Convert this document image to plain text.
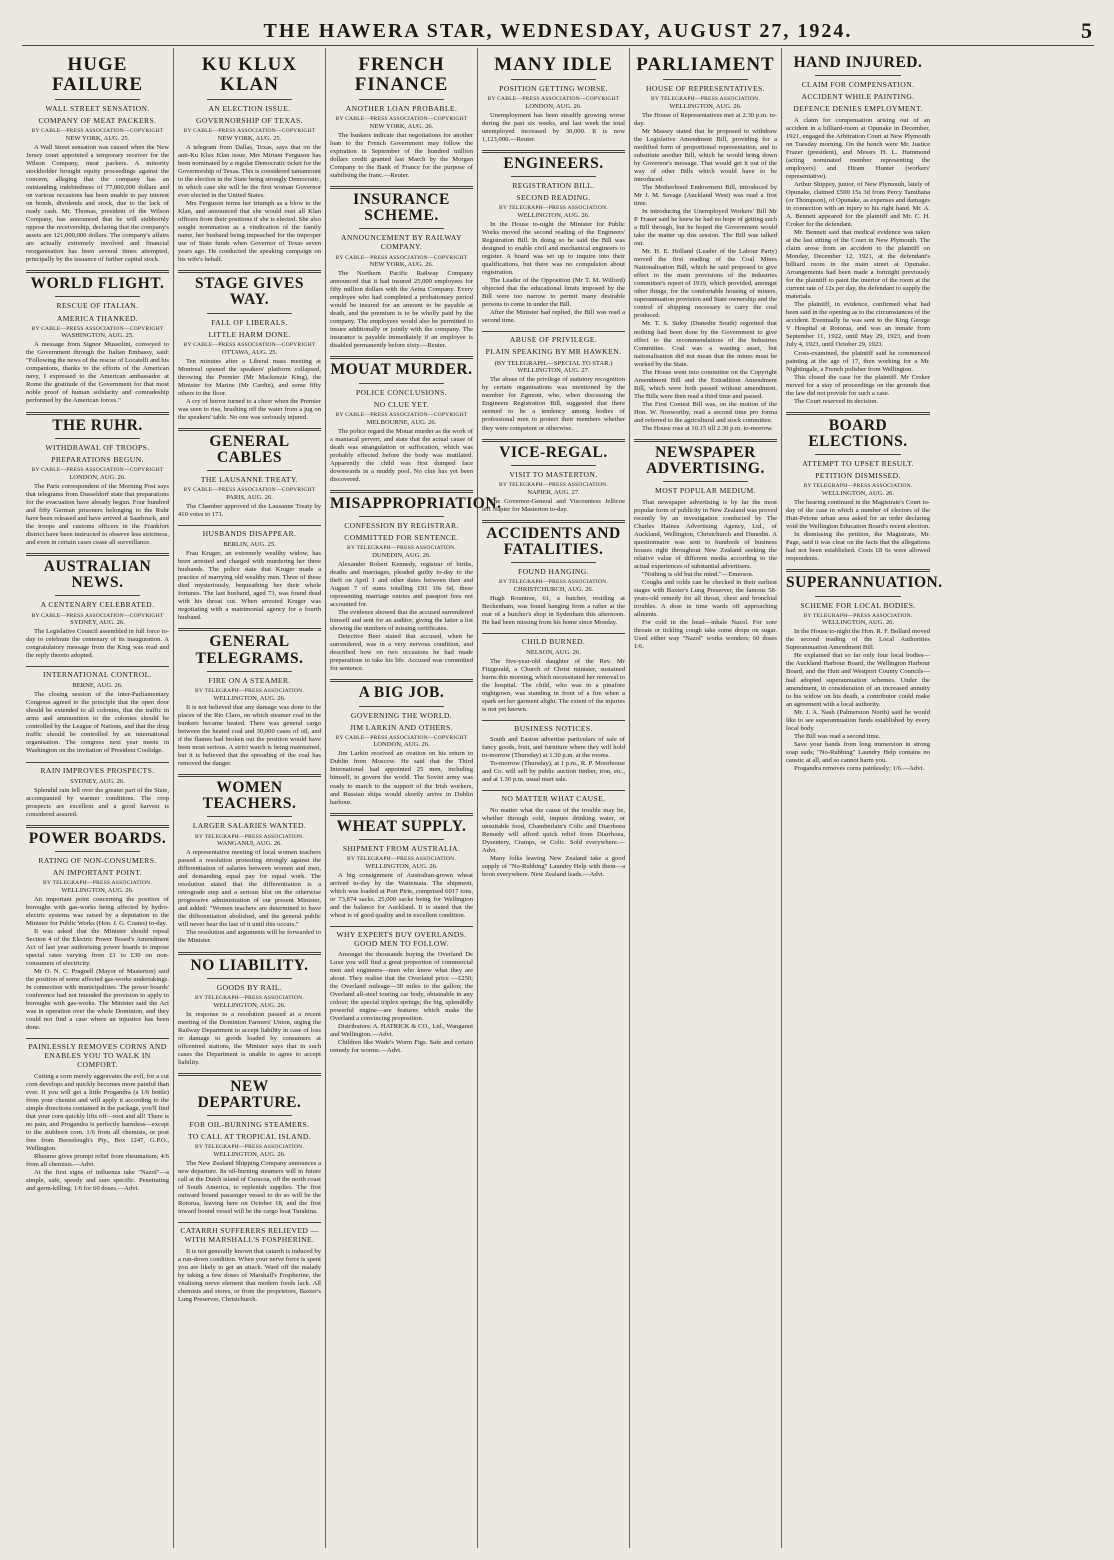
THE HAWERA STAR, WEDNESDAY, AUGUST 27, 1924.	5
HUGE FAILURE
WALL STREET SENSATION.
COMPANY OF MEAT PACKERS.
BY CABLE—PRESS ASSOCIATION—COPYRIGHT
NEW YORK, AUG. 25.

A Wall Street sensation was caused when the New Jersey court appointed a temporary receiver for the Wilson Company, meat packers. A minority stockholder brought equity proceedings against the concern, alleging that the company has an outstanding indebtedness of 77,000,000 dollars and on various occasions has been unable to pay interest on bonds, dividends and stock, due to the lack of ready cash. Mr. Thomas, president of the Wilson Company, has announced that he will stubbornly oppose the receivership, declaring that the company's assets are 121,000,000 dollars. The company's affairs are actually extremely involved and financial reorganisation has been several times attempted, principally by the issuance of further capital stock.

WORLD FLIGHT.
RESCUE OF ITALIAN.
AMERICA THANKED.
BY CABLE—PRESS ASSOCIATION—COPYRIGHT
WASHINGTON, AUG. 25.

A message from Signor Mussolini, conveyed to the Government through the Italian Embassy, said: "Following the news of the rescue of Locatelli and his companions, thanks to the efforts of the American navy, I expressed to the American ambassador at Rome the gratitude of the Government for that most noble proof of human solidarity and comradeship performed by the American forces."

THE RUHR.
WITHDRAWAL OF TROOPS.
PREPARATIONS BEGUN.
BY CABLE—PRESS ASSOCIATION—COPYRIGHT
LONDON, AUG. 26.

The Paris correspondent of the Morning Post says that telegrams from Dusseldorf state that preparations for the evacuation have already begun. Four hundred and fifty German prisoners belonging to the Ruhr have been released and have arrived at Saarbruck, and the troops and customs officers in the Frankfort district have been instructed to observe less strictness, and even in certain cases cease all surveillance.

AUSTRALIAN NEWS.
A CENTENARY CELEBRATED.
BY CABLE—PRESS ASSOCIATION—COPYRIGHT
SYDNEY, AUG. 26.

The Legislative Council assembled in full force to-day to celebrate the centenary of its inauguration. A congratulatory message from the King was read and the reply thereto adopted.

INTERNATIONAL CONTROL.
BERNE, AUG. 26.

The closing session of the inter-Parliamentary Congress agreed to the principle that the open door should be extended to all colonies, that the traffic in arms and ammunition to the colonies should be controlled by the League of Nations, and that the drug traffic should be controlled by an international organisation. The congress next year meets in Washington on the invitation of President Coolidge.

RAIN IMPROVES PROSPECTS.
SYDNEY, AUG. 26.

Splendid rain fell over the greater part of the State, accompanied by warmer conditions. The crop prospects are excellent and a good harvest is considered assured.

POWER BOARDS.
RATING OF NON-CONSUMERS.
AN IMPORTANT POINT.
BY TELEGRAPH—PRESS ASSOCIATION.
WELLINGTON, AUG. 26.

An important point concerning the position of boroughs with gas-works being affected by hydro-electric systems was raised by a deputation to the Minister for Public Works (Hon. J. G. Coates) to-day.

It was asked that the Minister should repeal Section 4 of the Electric Power Board's Amendment Act of last year authorising power boards to impose special rates varying from £1 to £30 on non-consumers of electricity.

Mr O. N. C. Pragnell (Mayor of Masterton) said the position of some affected gas-works undertakings. In connection with municipalities. The power boards' conference had not intended the provision to apply to boroughs with gas-works. The Minister said the Act was in operation over the whole Dominion, and they could not find a case where an injustice has been done.

PAINLESSLY REMOVES CORNS AND ENABLES YOU TO WALK IN COMFORT.

Cutting a corn merely aggravates the evil, for a cut corn develops and quickly becomes more painful than ever. If you will get a little Progandra (a 1/6 bottle) from your chemist and will apply it according to the simple directions contained in the package, you'll find that your corn quickly lifts off—root and all! There is no pain, and Progandra is perfectly harmless—except to the stubborn corn. 1/6 from all chemists, or post free from Bereelough's Pty., Box 1247, G.P.O., Wellington.

Rheumo gives prompt relief from rheumatism; 4/6 from all chemists.—Advt.

At the first signs of influenza take "Nazol"—a simple, safe, speedy and sure specific. Penetrating and germ-killing; 1/6 for 60 doses.—Advt.

KU KLUX KLAN
AN ELECTION ISSUE.
GOVERNORSHIP OF TEXAS.
BY CABLE—PRESS ASSOCIATION—COPYRIGHT
NEW YORK, AUG. 25.

A telegram from Dallas, Texas, says that on the anti-Ku Klux Klan issue, Mrs Miriam Ferguson has been nominated by a regular Democratic ticket for the Governorship of Texas. This is considered tantamount to the election in the State being strongly Democratic, in which case she will be the first woman Governor ever elected in the United States.

Mrs Ferguson terms her triumph as a blow to the Klan, and announced that she would oust all Klan officers from their positions if she is elected. She also sought nomination as a vindication of the family name, her husband being impeached for the improper use of State funds when Governor of Texas seven years ago. He conducted the speaking campaign on his wife's behalf.

STAGE GIVES WAY.
FALL OF LIBERALS.
LITTLE HARM DONE.
BY CABLE—PRESS ASSOCIATION—COPYRIGHT
OTTAWA, AUG. 25.

Ten minutes after a Liberal mass meeting at Montreal opened the speakers' platform collapsed, throwing the Premier (Mr Mackenzie King), the Minister for Marine (Mr Cardin), and some fifty others to the floor.

A cry of horror turned to a cheer when the Premier was seen to rise, brushing off the water from a jug on the speakers' table. No one was seriously injured.

GENERAL CABLES
THE LAUSANNE TREATY.
BY CABLE—PRESS ASSOCIATION—COPYRIGHT
PARIS, AUG. 26.

The Chamber approved of the Lausanne Treaty by 410 votes to 171.

HUSBANDS DISAPPEAR.
BERLIN, AUG. 25.

Frau Kruger, an extremely wealthy widow, has been arrested and charged with murdering her three husbands. The police state that Kruger made a practice of marrying old wealthy men. Three of these died mysteriously, bequeathing her their whole fortunes. The last husband, aged 73, was found dead with his throat cut. When arrested Kruger was negotiating with a matrimonial agency for a fourth husband.

GENERAL TELEGRAMS.
FIRE ON A STEAMER.
BY TELEGRAPH—PRESS ASSOCIATION.
WELLINGTON, AUG. 26.

It is not believed that any damage was done to the places of the Rio Claro, on which steamer coal in the bunkers became heated. There was general cargo between the heated coal and 30,000 cases of oil, and if the flames had broken out the position would have been most serious. A strict watch is being maintained, but it is believed that the spreading of the coal has removed the danger.

WOMEN TEACHERS.
LARGER SALARIES WANTED.
BY TELEGRAPH—PRESS ASSOCIATION.
WANGANUI, AUG. 26.

A representative meeting of local women teachers passed a resolution protesting strongly against the differentiation of salaries between women and men, and demanding equal pay for equal work. The resolution stated that the differentiation is a retrograde step and a serious blot on the otherwise progressive administration of our present Minister, and added: "Women teachers are determined to have the differentiation abolished, and the general public will never hear the last of it until this occurs."

The resolution and arguments will be forwarded to the Minister.

NO LIABILITY.
GOODS BY RAIL.
BY TELEGRAPH—PRESS ASSOCIATION.
WELLINGTON, AUG. 26.

In response to a resolution passed at a recent meeting of the Dominion Farmers' Union, urging the Railway Department to accept liability in case of loss or damage to goods loaded by consumers at offcentred stations, the Minister says that in such cases the Department is unable to agree to accept liability.

NEW DEPARTURE.
FOR OIL-BURNING STEAMERS.
TO CALL AT TROPICAL ISLAND.
BY TELEGRAPH—PRESS ASSOCIATION.
WELLINGTON, AUG. 26.

The New Zealand Shipping Company announces a new departure. Its oil-burning steamers will in future call at the Dutch island of Curacoa, off the north coast of South America, to replenish supplies. The first outward bound passenger vessel to do so will be the Rotorua, leaving here on October 18, and the first inward bound vessel will be the cargo boat Turakina.

CATARRH SUFFERERS RELIEVED —WITH MARSHALL'S FOSPHERINE.

It is not generally known that catarrh is induced by a run-down condition. When your nerve force is spent you are likely to get an attack. Ward off the malady by taking a few doses of Marshall's Fospherine, the vitalising nerve element that modern foods lack. All chemists and stores, or from the proprietors, Baxter's Lung Preserver, Christchurch.

FRENCH FINANCE
ANOTHER LOAN PROBABLE.
BY CABLE—PRESS ASSOCIATION—COPYRIGHT
NEW YORK, AUG. 26.

The bankers indicate that negotiations for another loan to the French Government may follow the expiration in September of the hundred million dollars credit granted last March by the Morgan Company to the Bank of France for the purpose of stabilising the franc.—Reuter.

INSURANCE SCHEME.
ANNOUNCEMENT BY RAILWAY COMPANY.
BY CABLE—PRESS ASSOCIATION—COPYRIGHT
NEW YORK, AUG. 26.

The Northern Pacific Railway Company announced that it had insured 25,000 employees for fifty million dollars with the Aetna Company. Every employee who had completed a probationary period would be insured for an amount to be payable at death, and the premium is to be wholly paid by the company. The employees would also be permitted to insure additionally or jointly with the company. The insurance is payable immediately if an employee is disabled permanently before sixty.—Reuter.

MOUAT MURDER.
POLICE CONCLUSIONS.
NO CLUE YET.
BY CABLE—PRESS ASSOCIATION—COPYRIGHT
MELBOURNE, AUG. 26.

The police regard the Mouat murder as the work of a maniacal pervert, and state that the actual cause of death was strangulation or suffocation, which was probably effected before the body was mutilated. Apparently the child was first dumped face downwards in a muddy pool. No clue has yet been discovered.

MISAPPROPRIATION.
CONFESSION BY REGISTRAR.
COMMITTED FOR SENTENCE.
BY TELEGRAPH—PRESS ASSOCIATION.
DUNEDIN, AUG. 26.

Alexander Robert Kennedy, registrar of births, deaths and marriages, pleaded guilty to-day to the theft on April 1 and other dates between then and August 7 of sums totalling £91 10s 6d, these representing marriage entries and passport fees not accounted for.

The evidence showed that the accused surrendered himself and sent for an auditor, giving the latter a list showing the numbers of missing certificates.

Detective Beer stated that accused, when he surrendered, was in a very nervous condition, and described how on two occasions he had made preparations to take his life. Accused was committed for sentence.

A BIG JOB.
GOVERNING THE WORLD.
JIM LARKIN AND OTHERS.
BY CABLE—PRESS ASSOCIATION—COPYRIGHT
LONDON, AUG. 26.

Jim Larkin received an ovation on his return to Dublin from Moscow. He said that the Third International had appointed 25 men, including himself, to govern the world. The Soviet army was ready to march to the support of the Irish workers, and Russian ships would shortly arrive in Dublin harbour.

WHEAT SUPPLY.
SHIPMENT FROM AUSTRALIA.
BY TELEGRAPH—PRESS ASSOCIATION.
WELLINGTON, AUG. 26.

A big consignment of Australian-grown wheat arrived to-day by the Waitemata. The shipment, which was loaded at Port Pirie, comprised 6017 tons, or 73,874 sacks. 25,000 sacks being for Wellington and the balance for Auckland. It is stated that the wheat is of good quality and in excellent condition.

WHY EXPERTS BUY OVERLANDS. GOOD MEN TO FOLLOW.

Amongst the thousands buying the Overland De Luxe you will find a great proportion of commercial men and engineers—men who know what they are about. They realise that the Overland price —£250; the Overland mileage—30 miles to the gallon; the Overland all-steel touring car body, obtainable in any colour; the special triplex springs; the big, splendidly powerful engine—are features which make the Overland a convincing proposition.

Distributors: A. HATRICK & CO., Ltd., Wanganui and Wellington.—Advt.

Children like Wade's Worm Figs. Safe and certain remedy for worms.—Advt.

MANY IDLE
POSITION GETTING WORSE.
BY CABLE—PRESS ASSOCIATION—COPYRIGHT
LONDON, AUG. 26.

Unemployment has been steadily growing worse during the past six weeks, and last week the total unemployed increased by 30,000. It is now 1,123,000.—Reuter.

ENGINEERS.
REGISTRATION BILL.
SECOND READING.
BY TELEGRAPH—PRESS ASSOCIATION.
WELLINGTON, AUG. 26.

In the House to-night the Minister for Public Works moved the second reading of the Engineers' Registration Bill. In doing so he said the Bill was designed to enable civil and mechanical engineers to register. A board was set up to inquire into their qualifications, but there was no compulsion about registration.

The Leader of the Opposition (Mr T. M. Wilford) objected that the educational limits imposed by the Bill were too narrow to permit many desirable persons to come in under the Bill.

After the Minister had replied, the Bill was read a second time.

ABUSE OF PRIVILEGE.
PLAIN SPEAKING BY MR HAWKEN.
(BY TELEGRAPH.—SPECIAL TO STAR.) WELLINGTON, AUG. 27.

The abuse of the privilege of statutory recognition by certain organisations was mentioned by the member for Egmont, who, when discussing the Engineers Registration Bill, suggested that there seemed to be a tendency among bodies of professional men to protect their members whether they were competent or otherwise.

VICE-REGAL.
VISIT TO MASTERTON.
BY TELEGRAPH—PRESS ASSOCIATION.
NAPIER, AUG. 27.

The Governor-General and Viscountess Jellicoe left Napier for Masterton to-day.

ACCIDENTS AND FATALITIES.
FOUND HANGING.
BY TELEGRAPH—PRESS ASSOCIATION.
CHRISTCHURCH, AUG. 26.

Hugh Rountree, 61, a butcher, residing at Beckenham, was found hanging from a rafter at the rear of a butcher's shop in Sydenham this afternoon. He had been missing from his home since Monday.

CHILD BURNED.
NELSON, AUG. 26.

The five-year-old daughter of the Rev. Mr Fitzgerald, a Church of Christ minister, sustained burns this morning, which necessitated her removal to the hospital. The child, who was in a pinafore nightgown, was standing in front of a fire when a spark set her garment alight. The extent of the injuries is not yet known.

BUSINESS NOTICES.

South and Easton advertise particulars of sale of fancy goods, fruit, and furniture where they will hold to-morrow (Thursday) at 1.30 p.m. at the rooms.

To-morrow (Thursday), at 1 p.m., R. P. Moorhouse and Co. will sell by public auction timber, iron, etc., and at 1.30 p.m. usual mart sale.

NO MATTER WHAT CAUSE.

No matter what the cause of the trouble may be, whether through cold, impure drinking water, or unsuitable food, Chamberlain's Colic and Diarrhoea Remedy will afford quick relief from Diarrhoea, Dysentery, Cramps, or Colic. Sold everywhere.—Advt.

Many folks leaving New Zealand take a good supply of "No-Rubbing" Laundry Help with them—a boon everywhere. New Zealand leads.—Advt.

PARLIAMENT
HOUSE OF REPRESENTATIVES.
BY TELEGRAPH—PRESS ASSOCIATION.
WELLINGTON, AUG. 26.

The House of Representatives met at 2.30 p.m. to-day.

Mr Massey stated that he proposed to withdraw the Legislative Amendment Bill, providing for a modified form of proportional representation, and to substitute another Bill, which he would bring down by Governor's message. That would get it out of the way of other Bills which would have to be introduced.

The Motherhood Endowment Bill, introduced by Mr J. M. Savage (Auckland West) was read a first time.

In introducing the Unemployed Workers' Bill Mr P. Fraser said he knew he had no hope of getting such a Bill through, but he hoped the Government would take the matter up this session. The Bill was talked out.

Mr. H. E. Holland (Leader of the Labour Party) moved the first reading of the Coal Mines Nationalisation Bill, which he said proposed to give effect to the main provisions of the industries committee's report of 1919, which provided, amongst other things, for the comfortable housing of miners, superannuation provision and State ownership and the control of shipping necessary to carry the coal produced.

Mr. T. S. Sidey (Dunedin South) regretted that nothing had been done by the Government to give effect to the recommendations of the Industries Committee. Coal was a wasting asset, but nationalisation did not mean that the mines must be worked by the State.

The House went into committee on the Copyright Amendment Bill and the Extradition Amendment Bill, which were both passed without amendment. The Bills were then read a third time and passed.

The First Contest Bill was, on the motion of the Hon. W. Nosworthy, read a second time pro forma and referred to the agricultural and stock committee.

The House rose at 10.15 till 2.30 p.m. to-morrow.

NEWSPAPER ADVERTISING.
MOST POPULAR MEDIUM.

That newspaper advertising is by far the most popular form of publicity in New Zealand was proved recently by an investigation conducted by The Charles Haines Advertising Agency, Ltd., of Auckland, Wellington, Christchurch and Dunedin. A questionnaire was sent to hundreds of business houses right throughout New Zealand seeking the relative value of different media according to the actual experiences of substantial advertisers.

"Nothing is old but the mind."—Emerson.

Coughs and colds can be checked in their earliest stages with Baxter's Lung Preserver, the famous 58-years-old remedy for all throat, chest and bronchial troubles. A dose in time wards off approaching ailments.

For cold in the head—inhale Nazol. For sore throats or tickling cough take some drops on sugar. Used either way "Nazol" works wonders; 60 doses 1/6.

HAND INJURED.
CLAIM FOR COMPENSATION.
ACCIDENT WHILE PAINTING.
DEFENCE DENIES EMPLOYMENT.

A claim for compensation arising out of an accident in a billiard-room at Opunake in December, 1921, engaged the Arbitration Court at New Plymouth on Tuesday morning. On the bench were Mr. Justice Frazer (president), and Messrs H. L. Hammond (acting nominated member representing the employers) and Hiram Hunter (workers' representative).

Arthur Shippey, junior, of New Plymouth, lately of Opunake, claimed £500 15s 3d from Percy Tamihana (or Thompson), of Opunake, as expenses and damages in connection with an injury to his right hand. Mr. A. A. Bennett appeared for the plaintiff and Mr. C. H. Croker for the defendant.

Mr. Bennett said that medical evidence was taken at the last sitting of the Court in New Plymouth. The claim arose from an accident to the plaintiff on Monday, December 12, 1921, at the defendant's billiard room in the main street at Opunake. Arrangements had been made a fortnight previously for the plaintiff to paint the interior of the room at the current rate of 12s per day, the defendant to supply the materials.

The plaintiff, in evidence, confirmed what had been said in the opening as to the circumstances of the accident. Eventually he was sent to the King George V Hospital at Rotorua, and was an inmate from September 11, 1922, until May 29, 1923, and from July 4, 1923, until October 29, 1923.

Cross-examined, the plaintiff said he commenced painting at the age of 17, then working for a Mr. Nightingale, a French polisher from Wellington.

This closed the case for the plaintiff. Mr Croker moved for a stay of proceedings on the grounds that the law did not provide for such a case.

The Court reserved its decision.

BOARD ELECTIONS.
ATTEMPT TO UPSET RESULT.
PETITION DISMISSED.
BY TELEGRAPH—PRESS ASSOCIATION.
WELLINGTON, AUG. 26.

The hearing continued in the Magistrate's Court to-day of the case in which a number of electors of the Hutt-Petone urban area asked for an order declaring void the Wellington Education Board's recent election.

In dismissing the petition, the Magistrate, Mr. Page, said it was clear on the facts that the allegations had not been established. Costs £8 6s were allowed respondents.

SUPERANNUATION.
SCHEME FOR LOCAL BODIES.
BY TELEGRAPH—PRESS ASSOCIATION.
WELLINGTON, AUG. 26.

In the House to-night the Hon. R. F. Bollard moved the second reading of the Local Authorities Superannuation Amendment Bill.

He explained that so far only four local bodies—the Auckland Harbour Board, the Wellington Harbour Board, and the Hutt and Westport County Councils—had adopted superannuation schemes. Under the amendment, in consideration of an increased annuity to his widow on his death, a contributor could make an agreement with a local authority.

Mr. J. A. Nash (Palmerston North) said he would like to see superannuation funds established by every local body.

The Bill was read a second time.

Save your hands from long immersion in strong soap suds; "No-Rubbing" Laundry Help contains no caustic at all, and so cannot harm you.

Progandra removes corns painlessly; 1/6.—Advt.
